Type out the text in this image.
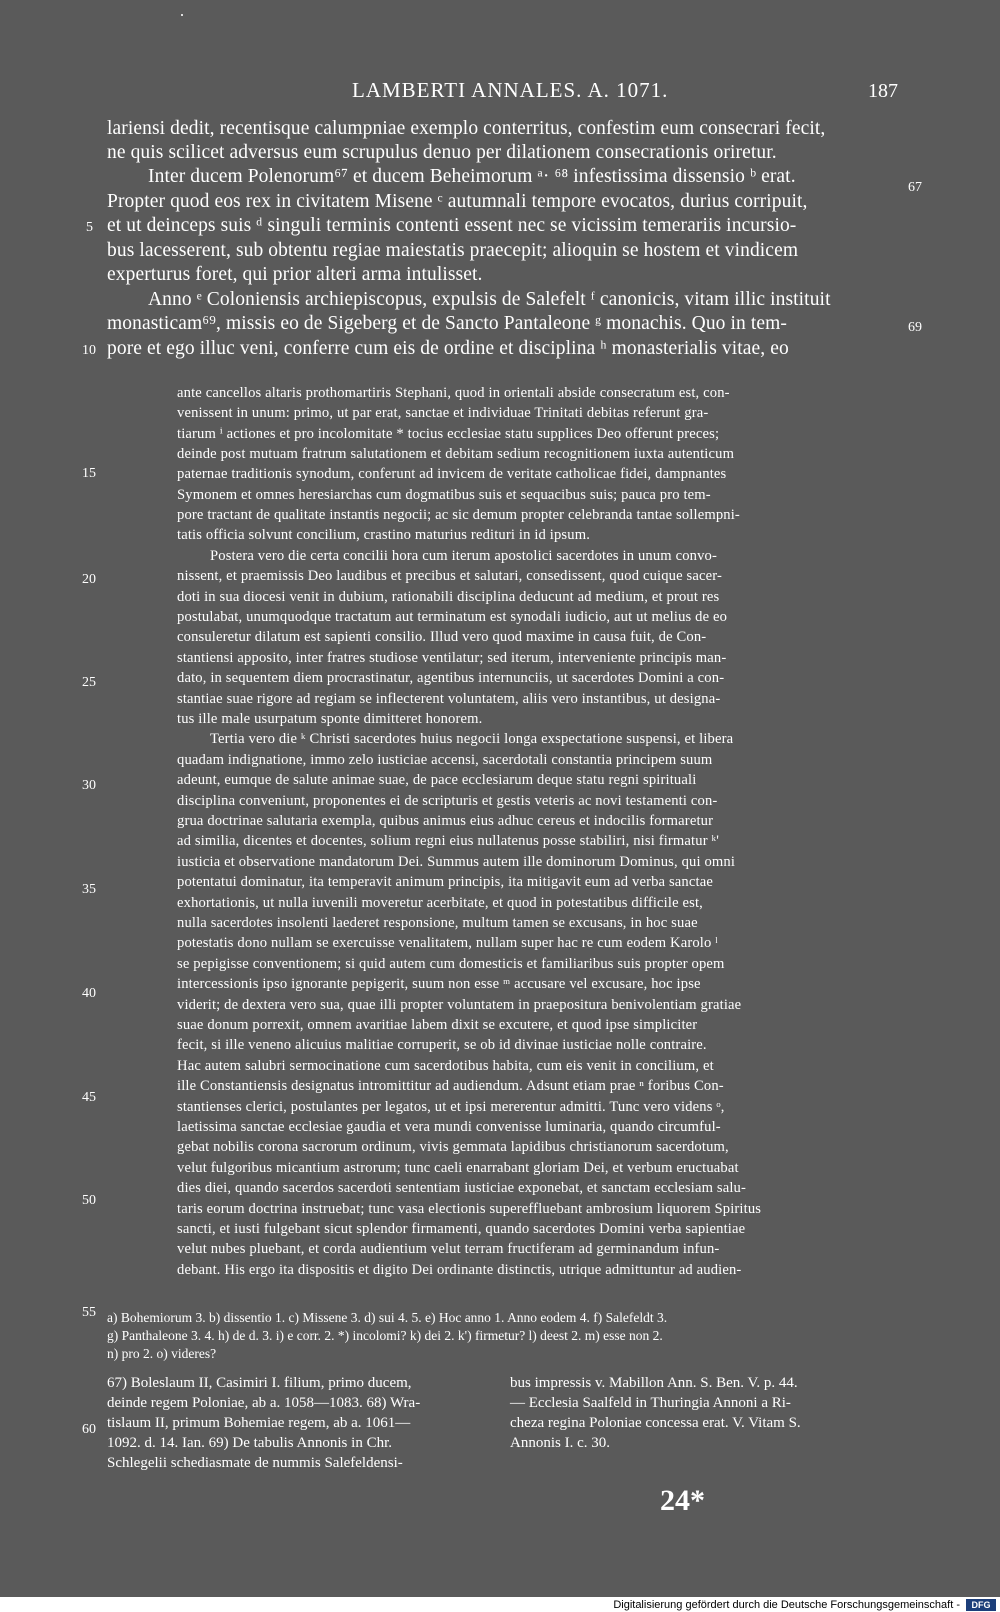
LAMBERTI ANNALES. A. 1071.	187
lariensi dedit, recentisque calumpniae exemplo conterritus, confestim eum consecrari fecit,
ne quis scilicet adversus eum scrupulus denuo per dilationem consecrationis oriretur.
Inter ducem Polenorum⁶⁷ et ducem Beheimorum ᵃ· ⁶⁸ infestissima dissensio ᵇ erat.
Propter quod eos rex in civitatem Misene ᶜ autumnali tempore evocatos, durius corripuit,
et ut deinceps suis ᵈ singuli terminis contenti essent nec se vicissim temerariis incursio-
bus lacesserent, sub obtentu regiae maiestatis praecepit; alioquin se hostem et vindicem
experturus foret, qui prior alteri arma intulisset.
Anno ᵉ Coloniensis archiepiscopus, expulsis de Salefelt ᶠ canonicis, vitam illic instituit
monasticam⁶⁹, missis eo de Sigeberg et de Sancto Pantaleone ᵍ monachis. Quo in tem-
pore et ego illuc veni, conferre cum eis de ordine et disciplina ʰ monasterialis vitae, eo
ante cancellos altaris prothomartiris Stephani, quod in orientali abside consecratum est, con-
venissent in unum: primo, ut par erat, sanctae et individuae Trinitati debitas referunt gra-
tiarum ⁱ actiones et pro incolomitate * tocius ecclesiae statu supplices Deo offerunt preces;
deinde post mutuam fratrum salutationem et debitam sedium recognitionem iuxta autenticum
paternae traditionis synodum, conferunt ad invicem de veritate catholicae fidei, dampnantes
Symonem et omnes heresiarchas cum dogmatibus suis et sequacibus suis; pauca pro tem-
pore tractant de qualitate instantis negocii; ac sic demum propter celebranda tantae sollempni-
tatis officia solvunt concilium, crastino maturius redituri in id ipsum.
Postera vero die certa concilii hora cum iterum apostolici sacerdotes in unum convo-
nissent, et praemissis Deo laudibus et precibus et salutari, consedissent, quod cuique sacer-
doti in sua diocesi venit in dubium, rationabili disciplina deducunt ad medium, et prout res
postulabat, unumquodque tractatum aut terminatum est synodali iudicio, aut ut melius de eo
consuleretur dilatum est sapienti consilio. Illud vero quod maxime in causa fuit, de Con-
stantiensi apposito, inter fratres studiose ventilatur; sed iterum, interveniente principis man-
dato, in sequentem diem procrastinatur, agentibus internunciis, ut sacerdotes Domini a con-
stantiae suae rigore ad regiam se inflecterent voluntatem, aliis vero instantibus, ut designa-
tus ille male usurpatum sponte dimitteret honorem.
Tertia vero die ᵏ Christi sacerdotes huius negocii longa exspectatione suspensi, et libera
quadam indignatione, immo zelo iusticiae accensi, sacerdotali constantia principem suum
adeunt, eumque de salute animae suae, de pace ecclesiarum deque statu regni spirituali
disciplina conveniunt, proponentes ei de scripturis et gestis veteris ac novi testamenti con-
grua doctrinae salutaria exempla, quibus animus eius adhuc cereus et indocilis formaretur
ad similia, dicentes et docentes, solium regni eius nullatenus posse stabiliri, nisi firmatur ᵏ'
iusticia et observatione mandatorum Dei. Summus autem ille dominorum Dominus, qui omni
potentatui dominatur, ita temperavit animum principis, ita mitigavit eum ad verba sanctae
exhortationis, ut nulla iuvenili moveretur acerbitate, et quod in potestatibus difficile est,
nulla sacerdotes insolenti laederet responsione, multum tamen se excusans, in hoc suae
potestatis dono nullam se exercuisse venalitatem, nullam super hac re cum eodem Karolo ˡ
se pepigisse conventionem; si quid autem cum domesticis et familiaribus suis propter opem
intercessionis ipso ignorante pepigerit, suum non esse ᵐ accusare vel excusare, hoc ipse
viderit; de dextera vero sua, quae illi propter voluntatem in praepositura benivolentiam gratiae
suae donum porrexit, omnem avaritiae labem dixit se excutere, et quod ipse simpliciter
fecit, si ille veneno alicuius malitiae corruperit, se ob id divinae iusticiae nolle contraire.
Hac autem salubri sermocinatione cum sacerdotibus habita, cum eis venit in concilium, et
ille Constantiensis designatus intromittitur ad audiendum. Adsunt etiam prae ⁿ foribus Con-
stantienses clerici, postulantes per legatos, ut et ipsi mererentur admitti. Tunc vero videns ᵒ,
laetissima sanctae ecclesiae gaudia et vera mundi convenisse luminaria, quando circumful-
gebat nobilis corona sacrorum ordinum, vivis gemmata lapidibus christianorum sacerdotum,
velut fulgoribus micantium astrorum; tunc caeli enarrabant gloriam Dei, et verbum eructuabat
dies diei, quando sacerdos sacerdoti sententiam iusticiae exponebat, et sanctam ecclesiam salu-
taris eorum doctrina instruebat; tunc vasa electionis supereffluebant ambrosium liquorem Spiritus
sancti, et iusti fulgebant sicut splendor firmamenti, quando sacerdotes Domini verba sapientiae
velut nubes pluebant, et corda audientium velut terram fructiferam ad germinandum infun-
debant. His ergo ita dispositis et digito Dei ordinante distinctis, utrique admittuntur ad audien-
a) Bohemiorum 3. b) dissentio 1. c) Missene 3. d) sui 4. 5. e) Hoc anno 1. Anno eodem 4. f) Salefeldt 3.
g) Panthaleone 3. 4. h) de d. 3. i) e corr. 2. *) incolomi? k) dei 2. k') firmetur? l) deest 2. m) esse non 2.
n) pro 2. o) videres?
67) Boleslaum II, Casimiri I. filium, primo ducem,
deinde regem Poloniae, ab a. 1058—1083. 68) Wra-
tislaum II, primum Bohemiae regem, ab a. 1061—
1092. d. 14. Ian. 69) De tabulis Annonis in Chr.
Schlegelii schediasmate de nummis Salefeldensi-
bus impressis v. Mabillon Ann. S. Ben. V. p. 44.
— Ecclesia Saalfeld in Thuringia Annoni a Ri-
cheza regina Poloniae concessa erat. V. Vitam S.
Annonis I. c. 30.
24*
5
10
15
20
25
30
35
40
45
50
55
60
67
69
Digitalisierung gefördert durch die Deutsche Forschungsgemeinschaft -	DFG
